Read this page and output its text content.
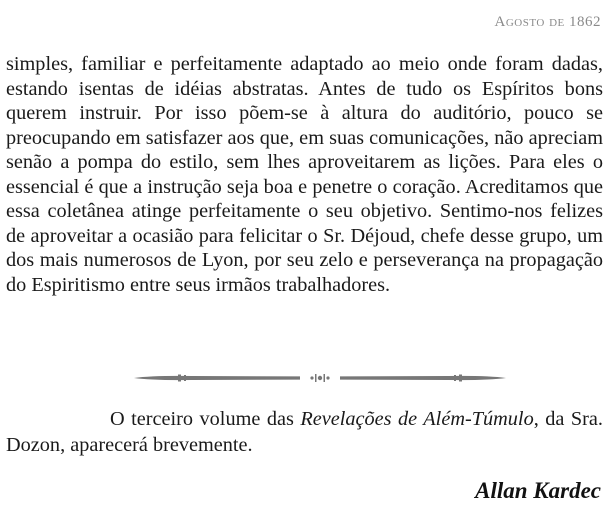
Agosto de 1862

simples, familiar e perfeitamente adaptado ao meio onde foram dadas, estando isentas de idéias abstratas. Antes de tudo os Espíritos bons querem instruir. Por isso põem-se à altura do auditório, pouco se preocupando em satisfazer aos que, em suas comunicações, não apreciam senão a pompa do estilo, sem lhes aproveitarem as lições. Para eles o essencial é que a instrução seja boa e penetre o coração. Acreditamos que essa coletânea atinge perfeitamente o seu objetivo. Sentimo-nos felizes de aproveitar a ocasião para felicitar o Sr. Déjoud, chefe desse grupo, um dos mais numerosos de Lyon, por seu zelo e perseverança na propagação do Espiritismo entre seus irmãos trabalhadores.

O terceiro volume das Revelações de Além-Túmulo, da Sra. Dozon, aparecerá brevemente.

Allan Kardec
